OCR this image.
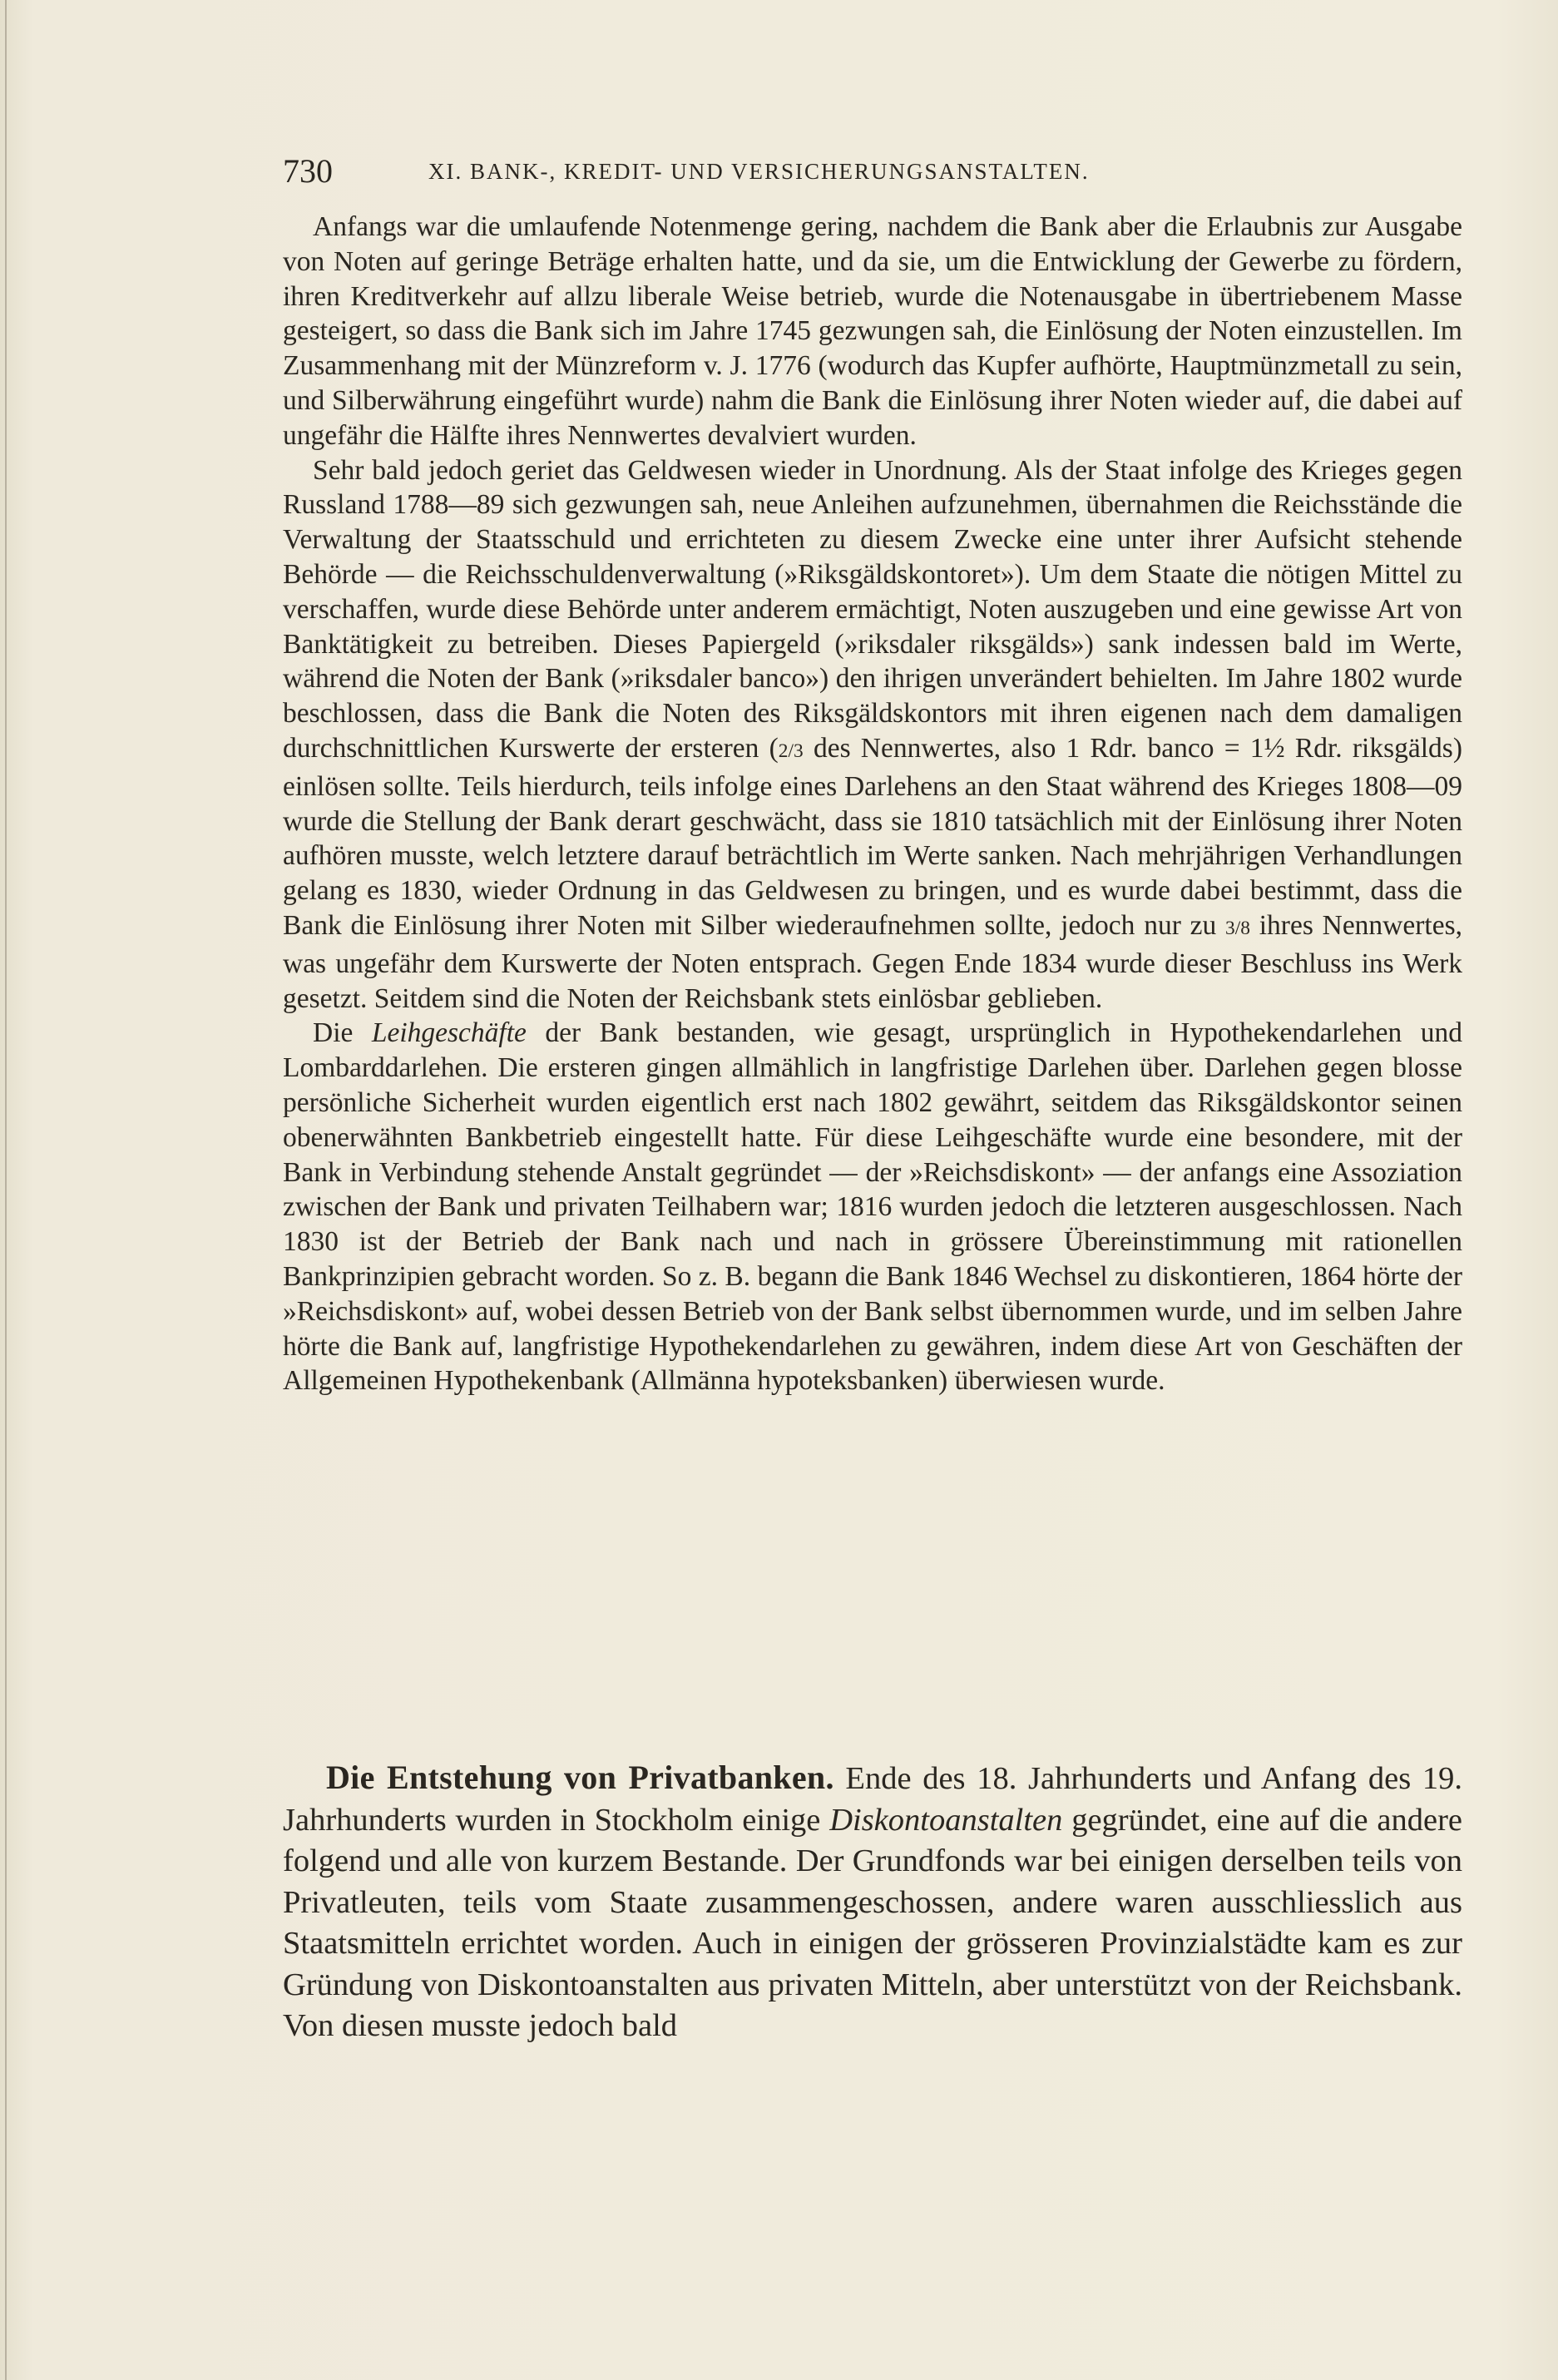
730	XI. BANK-, KREDIT- UND VERSICHERUNGSANSTALTEN.

Anfangs war die umlaufende Notenmenge gering, nachdem die Bank aber die Erlaubnis zur Ausgabe von Noten auf geringe Beträge erhalten hatte, und da sie, um die Entwicklung der Gewerbe zu fördern, ihren Kreditverkehr auf allzu liberale Weise betrieb, wurde die Notenausgabe in übertriebenem Masse gesteigert, so dass die Bank sich im Jahre 1745 gezwungen sah, die Einlösung der Noten einzustellen. Im Zusammenhang mit der Münzreform v. J. 1776 (wodurch das Kupfer aufhörte, Hauptmünzmetall zu sein, und Silberwährung eingeführt wurde) nahm die Bank die Einlösung ihrer Noten wieder auf, die dabei auf ungefähr die Hälfte ihres Nennwertes devalviert wurden.

Sehr bald jedoch geriet das Geldwesen wieder in Unordnung. Als der Staat infolge des Krieges gegen Russland 1788—89 sich gezwungen sah, neue Anleihen aufzunehmen, übernahmen die Reichsstände die Verwaltung der Staatsschuld und errichteten zu diesem Zwecke eine unter ihrer Aufsicht stehende Behörde — die Reichsschuldenverwaltung (»Riksgäldskontoret»). Um dem Staate die nötigen Mittel zu verschaffen, wurde diese Behörde unter anderem ermächtigt, Noten auszugeben und eine gewisse Art von Banktätigkeit zu betreiben. Dieses Papiergeld (»riksdaler riksgälds») sank indessen bald im Werte, während die Noten der Bank (»riksdaler banco») den ihrigen unverändert behielten. Im Jahre 1802 wurde beschlossen, dass die Bank die Noten des Riksgäldskontors mit ihren eigenen nach dem damaligen durchschnittlichen Kurswerte der ersteren (2/3 des Nennwertes, also 1 Rdr. banco = 1½ Rdr. riksgälds) einlösen sollte. Teils hierdurch, teils infolge eines Darlehens an den Staat während des Krieges 1808—09 wurde die Stellung der Bank derart geschwächt, dass sie 1810 tatsächlich mit der Einlösung ihrer Noten aufhören musste, welch letztere darauf beträchtlich im Werte sanken. Nach mehrjährigen Verhandlungen gelang es 1830, wieder Ordnung in das Geldwesen zu bringen, und es wurde dabei bestimmt, dass die Bank die Einlösung ihrer Noten mit Silber wiederaufnehmen sollte, jedoch nur zu 3/8 ihres Nennwertes, was ungefähr dem Kurswerte der Noten entsprach. Gegen Ende 1834 wurde dieser Beschluss ins Werk gesetzt. Seitdem sind die Noten der Reichsbank stets einlösbar geblieben.

Die Leihgeschäfte der Bank bestanden, wie gesagt, ursprünglich in Hypothekendarlehen und Lombarddarlehen. Die ersteren gingen allmählich in langfristige Darlehen über. Darlehen gegen blosse persönliche Sicherheit wurden eigentlich erst nach 1802 gewährt, seitdem das Riksgäldskontor seinen obenerwähnten Bankbetrieb eingestellt hatte. Für diese Leihgeschäfte wurde eine besondere, mit der Bank in Verbindung stehende Anstalt gegründet — der »Reichsdiskont» — der anfangs eine Assoziation zwischen der Bank und privaten Teilhabern war; 1816 wurden jedoch die letzteren ausgeschlossen. Nach 1830 ist der Betrieb der Bank nach und nach in grössere Übereinstimmung mit rationellen Bankprinzipien gebracht worden. So z. B. begann die Bank 1846 Wechsel zu diskontieren, 1864 hörte der »Reichsdiskont» auf, wobei dessen Betrieb von der Bank selbst übernommen wurde, und im selben Jahre hörte die Bank auf, langfristige Hypothekendarlehen zu gewähren, indem diese Art von Geschäften der Allgemeinen Hypothekenbank (Allmänna hypoteksbanken) überwiesen wurde.

Die Entstehung von Privatbanken. Ende des 18. Jahrhunderts und Anfang des 19. Jahrhunderts wurden in Stockholm einige Diskontoanstalten gegründet, eine auf die andere folgend und alle von kurzem Bestande. Der Grundfonds war bei einigen derselben teils von Privatleuten, teils vom Staate zusammengeschossen, andere waren ausschliesslich aus Staatsmitteln errichtet worden. Auch in einigen der grösseren Provinzialstädte kam es zur Gründung von Diskontoanstalten aus privaten Mitteln, aber unterstützt von der Reichsbank. Von diesen musste jedoch bald
